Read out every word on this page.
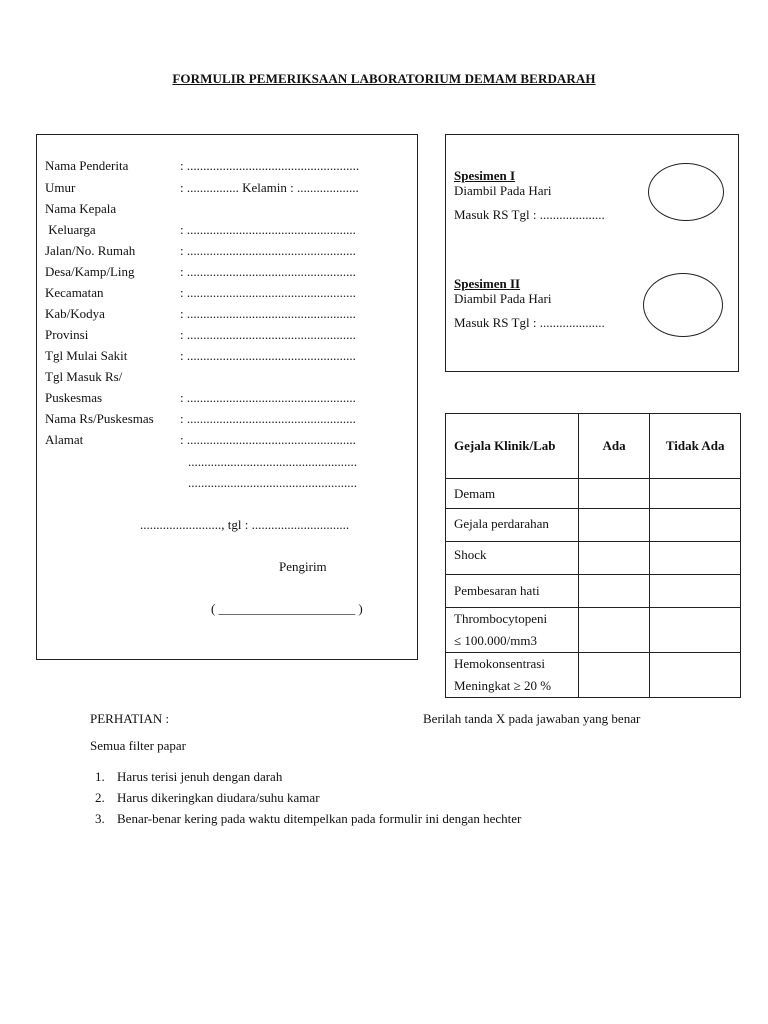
FORMULIR PEMERIKSAAN LABORATORIUM DEMAM BERDARAH
Nama Penderita	: .....................................................
Umur	: ................ Kelamin : ...................
Nama Kepala
Keluarga	: ....................................................
Jalan/No. Rumah	: ....................................................
Desa/Kamp/Ling	: ....................................................
Kecamatan	: ....................................................
Kab/Kodya	: ....................................................
Provinsi	: ....................................................
Tgl Mulai Sakit	: ....................................................
Tgl Masuk Rs/
Puskesmas	: ....................................................
Nama Rs/Puskesmas : ....................................................
Alamat	: ....................................................
....................................................
....................................................
........................., tgl : ..............................
Pengirim
( _____________________ )
Spesimen I
Diambil Pada Hari
Masuk RS Tgl : ....................
Spesimen II
Diambil Pada Hari
Masuk RS Tgl : ....................
Gejala Klinik/Lab	Ada	Tidak Ada
Demam		
Gejala perdarahan		
Shock		
Pembesaran hati		

Thrombocytopeni
≤ 100.000/mm3		

Hemokonsentrasi
Meningkat ≥ 20 %		

PERHATIAN :	Berilah tanda X pada jawaban yang benar
Semua filter papar
1. Harus terisi jenuh dengan darah
2. Harus dikeringkan diudara/suhu kamar
3. Benar-benar kering pada waktu ditempelkan pada formulir ini dengan hechter
